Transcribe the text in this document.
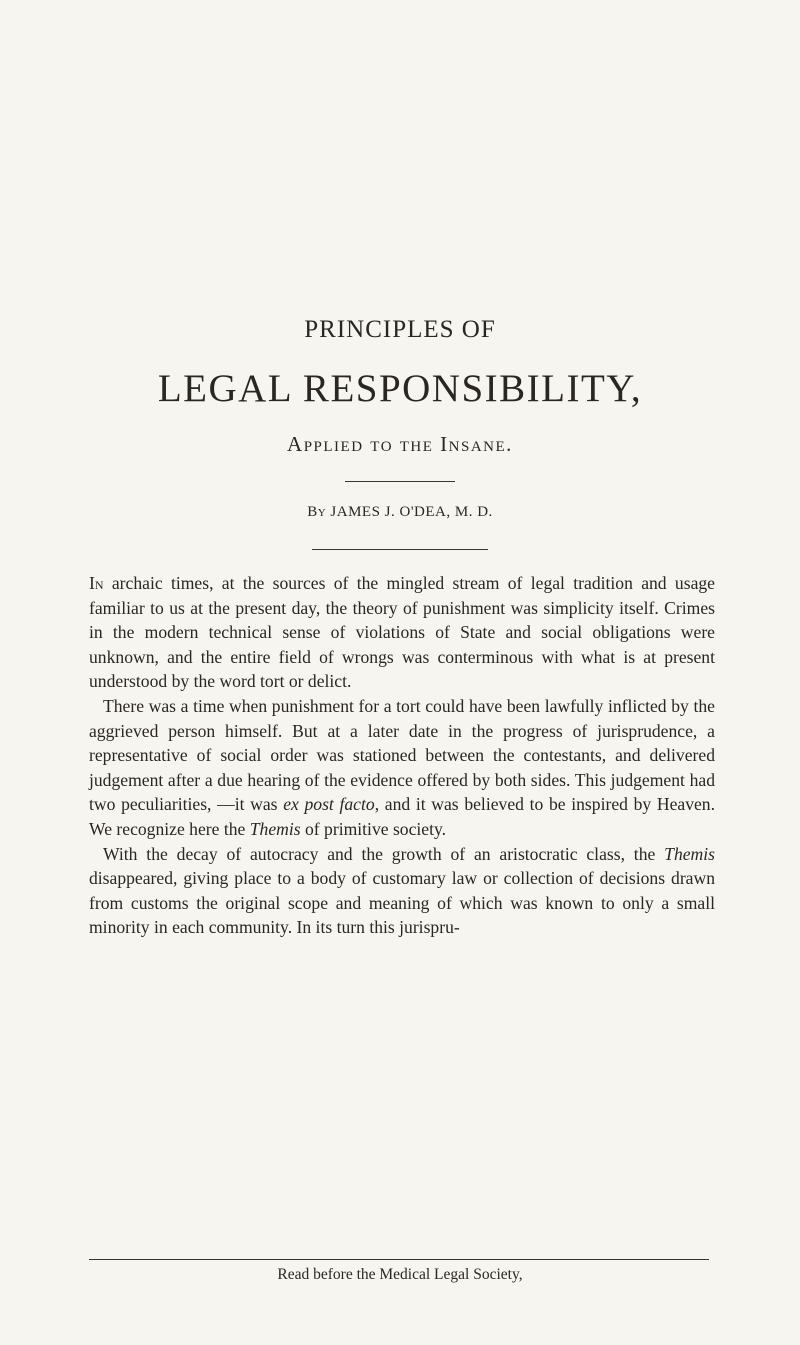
PRINCIPLES OF
LEGAL RESPONSIBILITY,
Applied to the Insane.
By JAMES J. O'DEA, M. D.

In archaic times, at the sources of the mingled stream of legal tradition and usage familiar to us at the present day, the theory of punishment was simplicity itself. Crimes in the modern technical sense of violations of State and social obligations were unknown, and the entire field of wrongs was conterminous with what is at present understood by the word tort or delict.

There was a time when punishment for a tort could have been lawfully inflicted by the aggrieved person himself. But at a later date in the progress of jurisprudence, a representative of social order was stationed between the contestants, and delivered judgement after a due hearing of the evidence offered by both sides. This judgement had two peculiarities, —it was ex post facto, and it was believed to be inspired by Heaven. We recognize here the Themis of primitive society.

With the decay of autocracy and the growth of an aristocratic class, the Themis disappeared, giving place to a body of customary law or collection of decisions drawn from customs the original scope and meaning of which was known to only a small minority in each community. In its turn this jurispru-

Read before the Medical Legal Society,
